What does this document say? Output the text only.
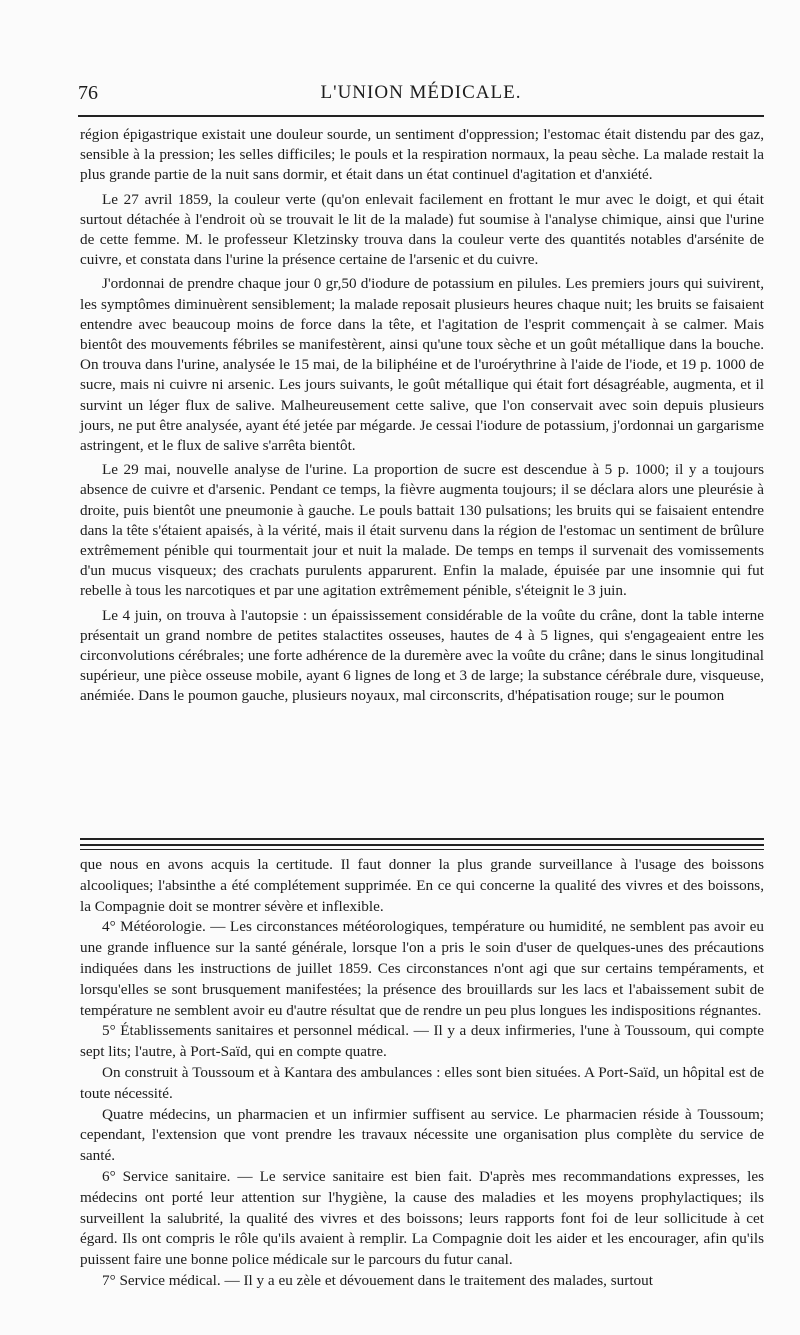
76	L'UNION MÉDICALE.

région épigastrique existait une douleur sourde, un sentiment d'oppression; l'estomac était distendu par des gaz, sensible à la pression; les selles difficiles; le pouls et la respiration normaux, la peau sèche. La malade restait la plus grande partie de la nuit sans dormir, et était dans un état continuel d'agitation et d'anxiété.

Le 27 avril 1859, la couleur verte (qu'on enlevait facilement en frottant le mur avec le doigt, et qui était surtout détachée à l'endroit où se trouvait le lit de la malade) fut soumise à l'analyse chimique, ainsi que l'urine de cette femme. M. le professeur Kletzinsky trouva dans la couleur verte des quantités notables d'arsénite de cuivre, et constata dans l'urine la présence certaine de l'arsenic et du cuivre.

J'ordonnai de prendre chaque jour 0 gr,50 d'iodure de potassium en pilules. Les premiers jours qui suivirent, les symptômes diminuèrent sensiblement; la malade reposait plusieurs heures chaque nuit; les bruits se faisaient entendre avec beaucoup moins de force dans la tête, et l'agitation de l'esprit commençait à se calmer. Mais bientôt des mouvements fébriles se manifestèrent, ainsi qu'une toux sèche et un goût métallique dans la bouche. On trouva dans l'urine, analysée le 15 mai, de la biliphéine et de l'uroérythrine à l'aide de l'iode, et 19 p. 1000 de sucre, mais ni cuivre ni arsenic. Les jours suivants, le goût métallique qui était fort désagréable, augmenta, et il survint un léger flux de salive. Malheureusement cette salive, que l'on conservait avec soin depuis plusieurs jours, ne put être analysée, ayant été jetée par mégarde. Je cessai l'iodure de potassium, j'ordonnai un gargarisme astringent, et le flux de salive s'arrêta bientôt.

Le 29 mai, nouvelle analyse de l'urine. La proportion de sucre est descendue à 5 p. 1000; il y a toujours absence de cuivre et d'arsenic. Pendant ce temps, la fièvre augmenta toujours; il se déclara alors une pleurésie à droite, puis bientôt une pneumonie à gauche. Le pouls battait 130 pulsations; les bruits qui se faisaient entendre dans la tête s'étaient apaisés, à la vérité, mais il était survenu dans la région de l'estomac un sentiment de brûlure extrêmement pénible qui tourmentait jour et nuit la malade. De temps en temps il survenait des vomissements d'un mucus visqueux; des crachats purulents apparurent. Enfin la malade, épuisée par une insomnie qui fut rebelle à tous les narcotiques et par une agitation extrêmement pénible, s'éteignit le 3 juin.

Le 4 juin, on trouva à l'autopsie : un épaississement considérable de la voûte du crâne, dont la table interne présentait un grand nombre de petites stalactites osseuses, hautes de 4 à 5 lignes, qui s'engageaient entre les circonvolutions cérébrales; une forte adhérence de la duremère avec la voûte du crâne; dans le sinus longitudinal supérieur, une pièce osseuse mobile, ayant 6 lignes de long et 3 de large; la substance cérébrale dure, visqueuse, anémiée. Dans le poumon gauche, plusieurs noyaux, mal circonscrits, d'hépatisation rouge; sur le poumon

que nous en avons acquis la certitude. Il faut donner la plus grande surveillance à l'usage des boissons alcooliques; l'absinthe a été complétement supprimée. En ce qui concerne la qualité des vivres et des boissons, la Compagnie doit se montrer sévère et inflexible.

4° Météorologie. — Les circonstances météorologiques, température ou humidité, ne semblent pas avoir eu une grande influence sur la santé générale, lorsque l'on a pris le soin d'user de quelques-unes des précautions indiquées dans les instructions de juillet 1859. Ces circonstances n'ont agi que sur certains tempéraments, et lorsqu'elles se sont brusquement manifestées; la présence des brouillards sur les lacs et l'abaissement subit de température ne semblent avoir eu d'autre résultat que de rendre un peu plus longues les indispositions régnantes.

5° Établissements sanitaires et personnel médical. — Il y a deux infirmeries, l'une à Toussoum, qui compte sept lits; l'autre, à Port-Saïd, qui en compte quatre.

On construit à Toussoum et à Kantara des ambulances : elles sont bien situées. A Port-Saïd, un hôpital est de toute nécessité.

Quatre médecins, un pharmacien et un infirmier suffisent au service. Le pharmacien réside à Toussoum; cependant, l'extension que vont prendre les travaux nécessite une organisation plus complète du service de santé.

6° Service sanitaire. — Le service sanitaire est bien fait. D'après mes recommandations expresses, les médecins ont porté leur attention sur l'hygiène, la cause des maladies et les moyens prophylactiques; ils surveillent la salubrité, la qualité des vivres et des boissons; leurs rapports font foi de leur sollicitude à cet égard. Ils ont compris le rôle qu'ils avaient à remplir. La Compagnie doit les aider et les encourager, afin qu'ils puissent faire une bonne police médicale sur le parcours du futur canal.

7° Service médical. — Il y a eu zèle et dévouement dans le traitement des malades, surtout
